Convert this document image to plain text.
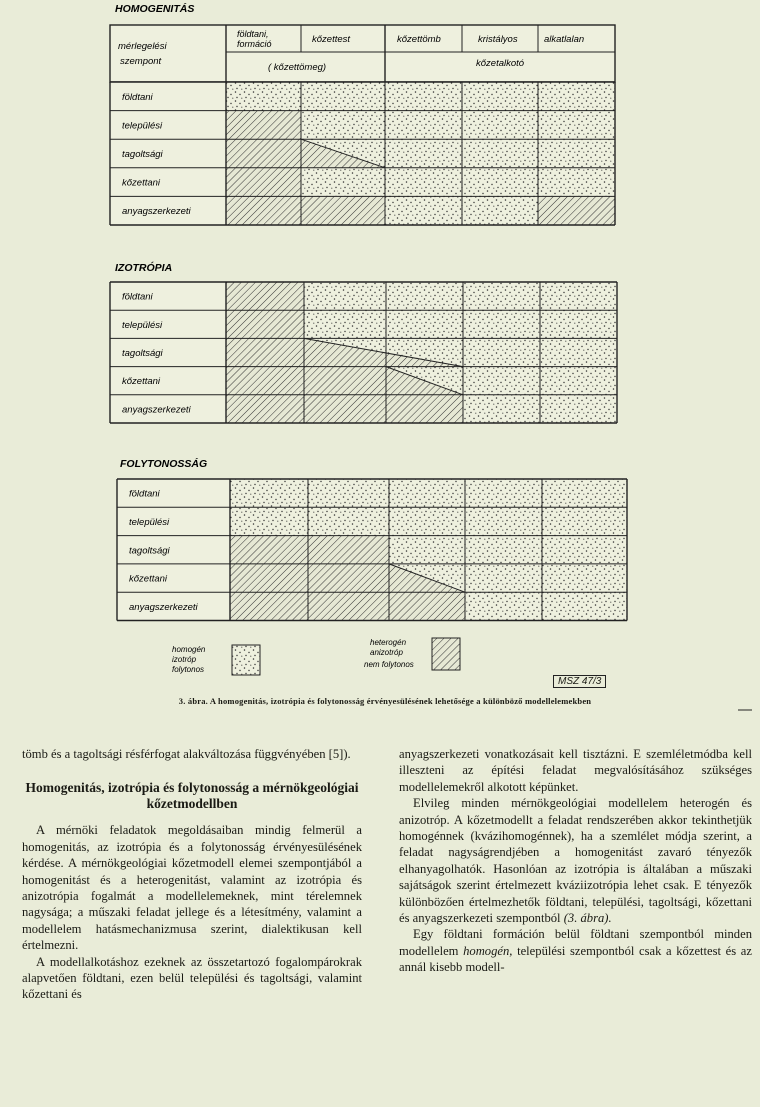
HOMOGENITÁS
IZOTRÓPIA
FOLYTONOSSÁG
mérlegelési
szempont
földtani,
formáció	kőzettest	kőzettömb	kristályos	alkatlalan
( kőzettömeg)	kőzetalkotó
földtani
települési
tagoltsági
kőzettani
anyagszerkezeti
földtani
települési
tagoltsági
kőzettani
anyagszerkezeti
földtani
települési
tagoltsági
kőzettani
anyagszerkezeti
homogén
izotróp
folytonos
heterogén
anizotróp
nem folytonos
MSZ 47/3
3. ábra. A homogenitás, izotrópia és folytonosság érvényesülésének lehetősége a különböző modellelemekben

tömb és a tagoltsági résférfogat alakváltozása függvényében [5]).

Homogenitás, izotrópia és folytonosság a mérnökgeológiai kőzetmodellben

A mérnöki feladatok megoldásaiban mindig felmerül a homogenitás, az izotrópia és a folytonosság érvényesülésének kérdése. A mérnökgeológiai kőzetmodell elemei szempontjából a homogenitást és a heterogenitást, valamint az izotrópia és anizotrópia fogalmát a modellelemeknek, mint térelemnek nagysága; a műszaki feladat jellege és a létesítmény, valamint a modellelem hatásmechanizmusa szerint, dialektikusan kell értelmezni.

A modellalkotáshoz ezeknek az összetartozó fogalompárokrak alapvetően földtani, ezen belül települési és tagoltsági, valamint kőzettani és

anyagszerkezeti vonatkozásait kell tisztázni. E szemléletmódba kell illeszteni az építési feladat megvalósításához szükséges modellelemekről alkotott képünket.

Elvileg minden mérnökgeológiai modellelem heterogén és anizotróp. A kőzetmodellt a feladat rendszerében akkor tekinthetjük homogénnek (kvázihomogénnek), ha a szemlélet módja szerint, a feladat nagyságrendjében a homogenitást zavaró tényezők elhanyagolhatók. Hasonlóan az izotrópia is általában a műszaki sajátságok szerint értelmezett kváziizotrópia lehet csak. E tényezők különbözően értelmezhetők földtani, települési, tagoltsági, kőzettani és anyagszerkezeti szempontból (3. ábra).

Egy földtani formáción belül földtani szempontból minden modellelem homogén, települési szempontból csak a kőzettest és az annál kisebb modell-
